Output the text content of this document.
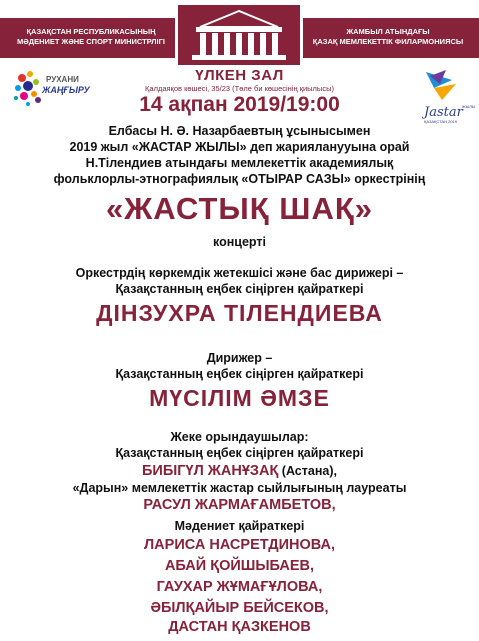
ҚАЗАҚСТАН РЕСПУБЛИКАСЫНЫҢ
МӘДЕНИЕТ ЖӘНЕ СПОРТ МИНИСТРЛІГІ
ЖАМБЫЛ АТЫНДАҒЫ
ҚАЗАҚ МЕМЛЕКЕТТІК ФИЛАРМОНИЯСЫ
ҮЛКЕН ЗАЛ
Қалдаяқов көшесі, 35/23 (Төле би көшесінің қиылысы)
14 ақпан 2019/19:00
РУХАНИ
ЖАҢҒЫРУ
Jastar ЖЫЛЫ
ҚАЗАҚСТАН 2019
Елбасы Н. Ә. Назарбаевтың ұсынысымен
2019 жыл «ЖАСТАР ЖЫЛЫ» деп жарияланууына орай
Н.Тілендиев атындағы мемлекеттік академиялық
фольклорлы-этнографиялық «ОТЫРАР САЗЫ» оркестрінің
«ЖАСТЫҚ ШАҚ»
концерті
Оркестрдің көркемдік жетекшісі және бас дирижері –
Қазақстанның еңбек сіңірген қайраткері
ДІНЗУХРА ТІЛЕНДИЕВА
Дирижер –
Қазақстанның еңбек сіңірген қайраткері
МҮСІЛІМ ӘМЗЕ
Жеке орындаушылар:
Қазақстанның еңбек сіңірген қайраткері
БИБІГҮЛ ЖАНҰЗАҚ (Астана),
«Дарын» мемлекеттік жастар сыйлығының лауреаты
РАСУЛ ЖАРМАҒАМБЕТОВ,
Мәдениет қайраткері
ЛАРИСА НАСРЕТДИНОВА,
АБАЙ ҚОЙШЫБАЕВ,
ГАУХАР ЖҰМАҒҰЛОВА,
ӘБІЛҚАЙЫР БЕЙСЕКОВ,
ДАСТАН ҚАЗКЕНОВ
